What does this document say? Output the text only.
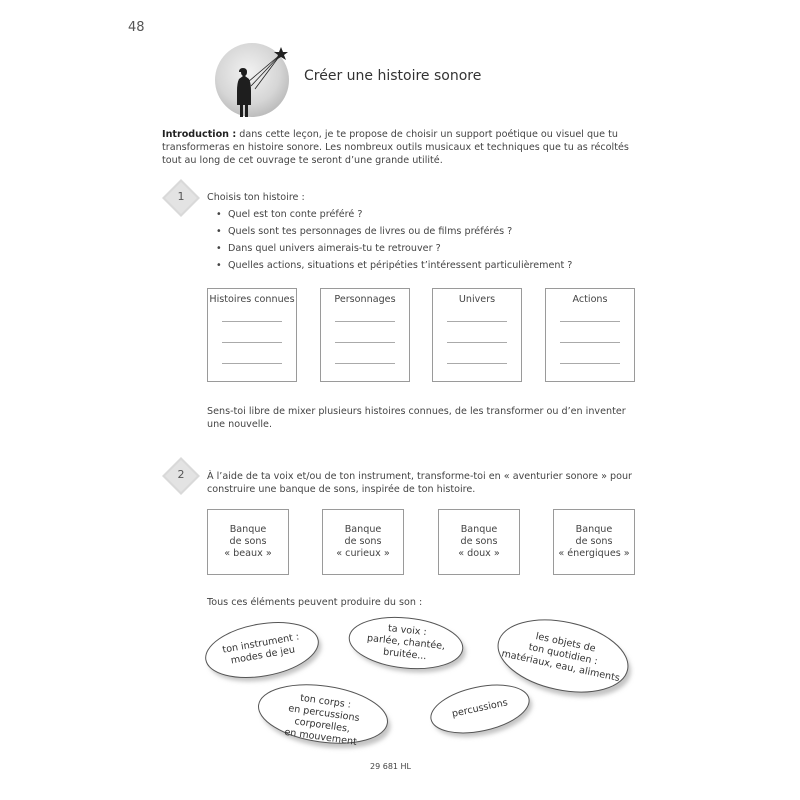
48
Créer une histoire sonore
Introduction : dans cette leçon, je te propose de choisir un support poétique ou visuel que tu transformeras en histoire sonore. Les nombreux outils musicaux et techniques que tu as récoltés tout au long de cet ouvrage te seront d’une grande utilité.
1	Choisis ton histoire :
• Quel est ton conte préféré ?
• Quels sont tes personnages de livres ou de films préférés ?
• Dans quel univers aimerais-tu te retrouver ?
• Quelles actions, situations et péripéties t’intéressent particulièrement ?
Histoires connues	Personnages	Univers	Actions
Sens-toi libre de mixer plusieurs histoires connues, de les transformer ou d’en inventer une nouvelle.
2	À l’aide de ta voix et/ou de ton instrument, transforme-toi en « aventurier sonore » pour construire une banque de sons, inspirée de ton histoire.
Banque
de sons
« beaux »
Banque
de sons
« curieux »
Banque
de sons
« doux »
Banque
de sons
« énergiques »
Tous ces éléments peuvent produire du son :
ton instrument :
modes de jeu
ta voix :
parlée, chantée,
bruitée...	les objets de
ton quotidien :
matériaux, eau, aliments
ton corps :
en percussions corporelles,
en mouvement
percussions
29 681 HL
